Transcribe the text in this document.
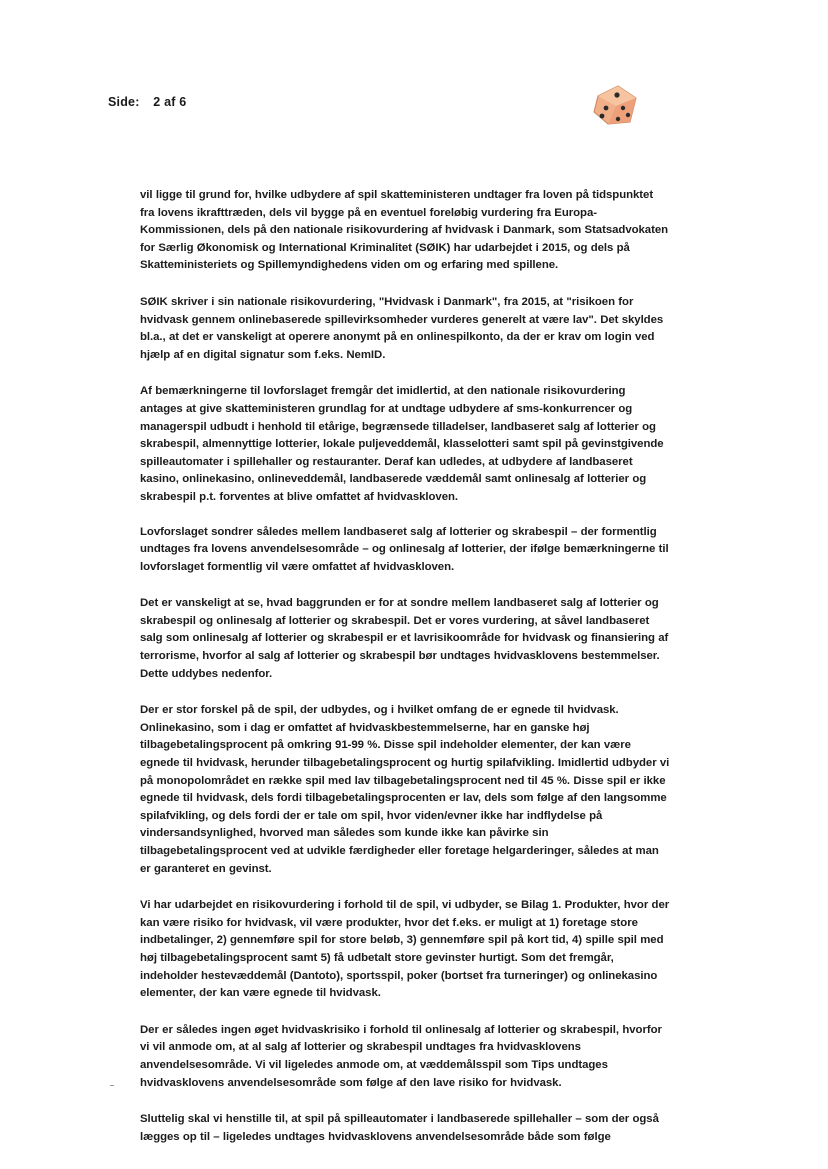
Side: 2 af 6

vil ligge til grund for, hvilke udbydere af spil skatteministeren undtager fra loven på tidspunktet fra lovens ikrafttræden, dels vil bygge på en eventuel foreløbig vurdering fra Europa-Kommissionen, dels på den nationale risikovurdering af hvidvask i Danmark, som Statsadvokaten for Særlig Økonomisk og International Kriminalitet (SØIK) har udarbejdet i 2015, og dels på Skatteministeriets og Spillemyndighedens viden om og erfaring med spillene.

SØIK skriver i sin nationale risikovurdering, "Hvidvask i Danmark", fra 2015, at "risikoen for hvidvask gennem onlinebaserede spillevirksomheder vurderes generelt at være lav". Det skyldes bl.a., at det er vanskeligt at operere anonymt på en onlinespilkonto, da der er krav om login ved hjælp af en digital signatur som f.eks. NemID.

Af bemærkningerne til lovforslaget fremgår det imidlertid, at den nationale risikovurdering antages at give skatteministeren grundlag for at undtage udbydere af sms-konkurrencer og managerspil udbudt i henhold til etårige, begrænsede tilladelser, landbaseret salg af lotterier og skrabespil, almennyttige lotterier, lokale puljeveddemål, klasselotteri samt spil på gevinstgivende spilleautomater i spillehaller og restauranter. Deraf kan udledes, at udbydere af landbaseret kasino, onlinekasino, onlineveddemål, landbaserede væddemål samt onlinesalg af lotterier og skrabespil p.t. forventes at blive omfattet af hvidvaskloven.

Lovforslaget sondrer således mellem landbaseret salg af lotterier og skrabespil – der formentlig undtages fra lovens anvendelsesområde – og onlinesalg af lotterier, der ifølge bemærkningerne til lovforslaget formentlig vil være omfattet af hvidvaskloven.

Det er vanskeligt at se, hvad baggrunden er for at sondre mellem landbaseret salg af lotterier og skrabespil og onlinesalg af lotterier og skrabespil. Det er vores vurdering, at såvel landbaseret salg som onlinesalg af lotterier og skrabespil er et lavrisikoområde for hvidvask og finansiering af terrorisme, hvorfor al salg af lotterier og skrabespil bør undtages hvidvasklovens bestemmelser. Dette uddybes nedenfor.

Der er stor forskel på de spil, der udbydes, og i hvilket omfang de er egnede til hvidvask. Onlinekasino, som i dag er omfattet af hvidvaskbestemmelserne, har en ganske høj tilbagebetalingsprocent på omkring 91-99 %. Disse spil indeholder elementer, der kan være egnede til hvidvask, herunder tilbagebetalingsprocent og hurtig spilafvikling. Imidlertid udbyder vi på monopolområdet en række spil med lav tilbagebetalingsprocent ned til 45 %. Disse spil er ikke egnede til hvidvask, dels fordi tilbagebetalingsprocenten er lav, dels som følge af den langsomme spilafvikling, og dels fordi der er tale om spil, hvor viden/evner ikke har indflydelse på vindersandsynlighed, hvorved man således som kunde ikke kan påvirke sin tilbagebetalingsprocent ved at udvikle færdigheder eller foretage helgarderinger, således at man er garanteret en gevinst.

Vi har udarbejdet en risikovurdering i forhold til de spil, vi udbyder, se Bilag 1. Produkter, hvor der kan være risiko for hvidvask, vil være produkter, hvor det f.eks. er muligt at 1) foretage store indbetalinger, 2) gennemføre spil for store beløb, 3) gennemføre spil på kort tid, 4) spille spil med høj tilbagebetalingsprocent samt 5) få udbetalt store gevinster hurtigt. Som det fremgår, indeholder hestevæddemål (Dantoto), sportsspil, poker (bortset fra turneringer) og onlinekasino elementer, der kan være egnede til hvidvask.

Der er således ingen øget hvidvaskrisiko i forhold til onlinesalg af lotterier og skrabespil, hvorfor vi vil anmode om, at al salg af lotterier og skrabespil undtages fra hvidvasklovens anvendelsesområde. Vi vil ligeledes anmode om, at væddemålsspil som Tips undtages hvidvasklovens anvendelsesområde som følge af den lave risiko for hvidvask.

Sluttelig skal vi henstille til, at spil på spilleautomater i landbaserede spillehaller – som der også lægges op til – ligeledes undtages hvidvasklovens anvendelsesområde både som følge
